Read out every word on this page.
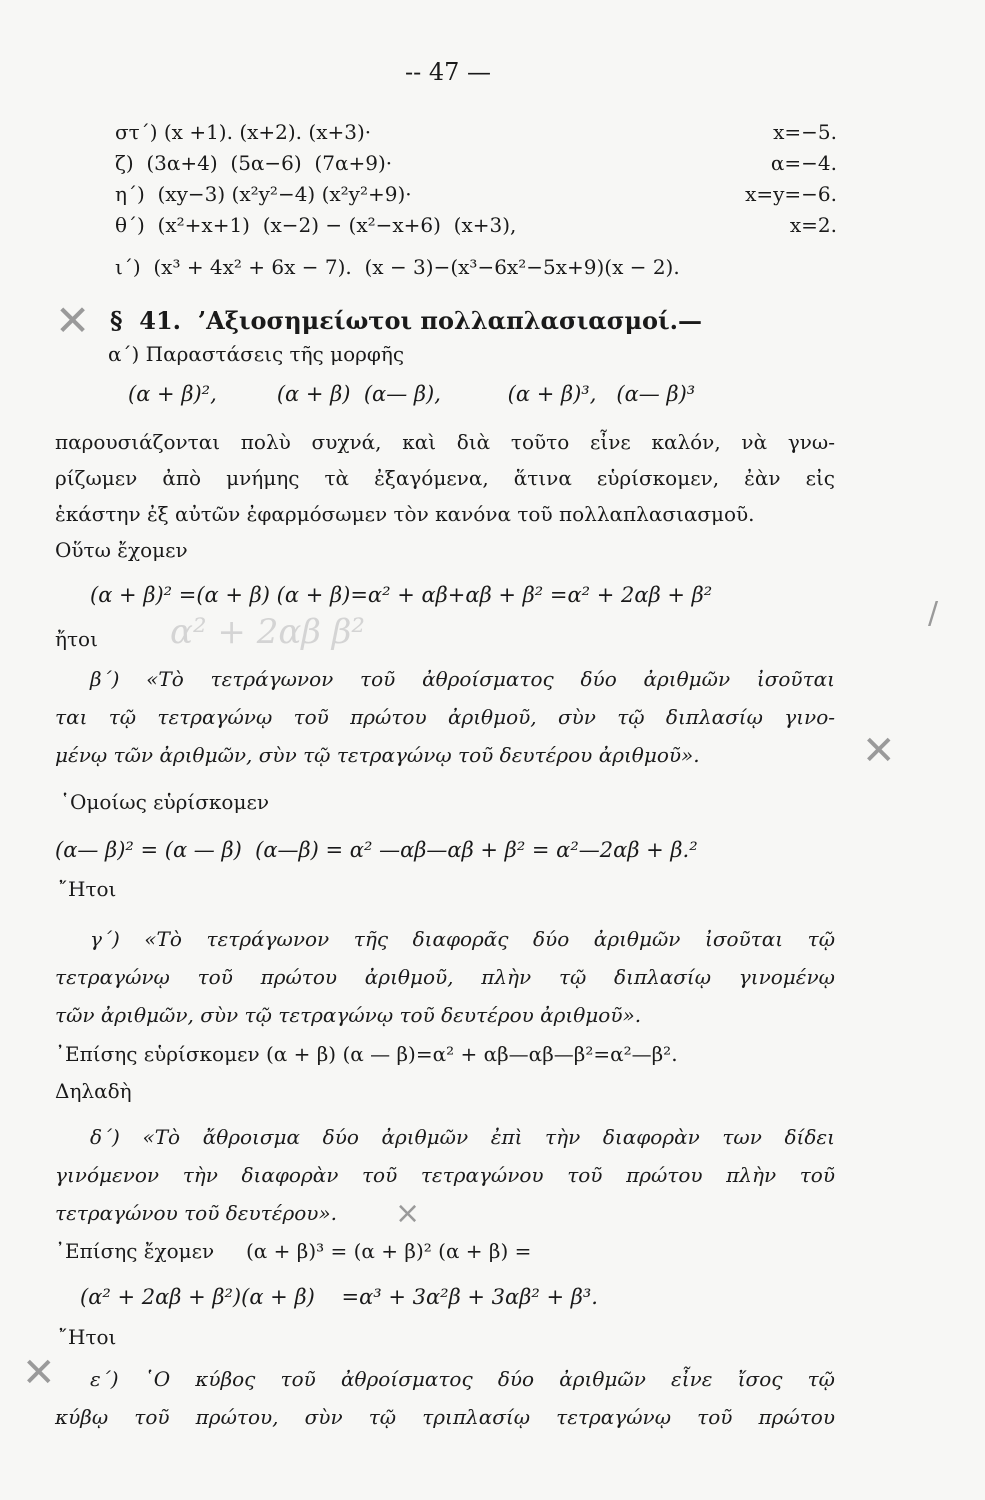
-- 47 —
στ΄) (x +1). (x+2). (x+3)·	x=−5.
ζ)  (3α+4)  (5α−6)  (7α+9)·	α=−4.
η΄)  (xy−3) (x²y²−4) (x²y²+9)·	x=y=−6.
θ΄)  (x²+x+1)  (x−2) − (x²−x+6)  (x+3),	x=2.
ι΄)  (x³ + 4x² + 6x − 7).  (x − 3)−(x³−6x²−5x+9)(x − 2).
✕ §  41.  ’Αξιοσημείωτοι πολλαπλασιασμοί.—
α΄) Παραστάσεις τῆς μορφῆς
(α + β)²,         (α + β)  (α— β),          (α + β)³,   (α— β)³
παρουσιάζονται πολὺ συχνά, καὶ διὰ τοῦτο εἶνε καλόν, νὰ γνω-
ρίζωμεν ἀπὸ μνήμης τὰ ἐξαγόμενα, ἅτινα εὑρίσκομεν, ἐὰν εἰς
ἑκάστην ἐξ αὐτῶν ἐφαρμόσωμεν τὸν κανόνα τοῦ πολλαπλασιασμοῦ.
Οὕτω ἔχομεν
α² + 2αβ β²
(α + β)² =(α + β) (α + β)=α² + αβ+αβ + β² =α² + 2αβ + β²
/
ἤτοι
β΄) «Τὸ τετράγωνον τοῦ ἀθροίσματος δύο ἀριθμῶν ἰσοῦται
ται τῷ τετραγώνῳ τοῦ πρώτου ἀριθμοῦ, σὺν τῷ διπλασίῳ γινο-
μένῳ τῶν ἀριθμῶν, σὺν τῷ τετραγώνῳ τοῦ δευτέρου ἀριθμοῦ».	✕
῾Ομοίως εὑρίσκομεν
(α— β)² = (α — β)  (α—β) = α² —αβ—αβ + β² = α²—2αβ + β.²
῎Ητοι
γ΄) «Τὸ τετράγωνον τῆς διαφορᾶς δύο ἀριθμῶν ἰσοῦται τῷ
τετραγώνῳ τοῦ πρώτου ἀριθμοῦ, πλὴν τῷ διπλασίῳ γινομένῳ
τῶν ἀριθμῶν, σὺν τῷ τετραγώνῳ τοῦ δευτέρου ἀριθμοῦ».
᾿Επίσης εὑρίσκομεν (α + β) (α — β)=α² + αβ—αβ—β²=α²—β².
Δηλαδὴ
δ΄) «Τὸ ἄθροισμα δύο ἀριθμῶν ἐπὶ τὴν διαφορὰν των δίδει
γινόμενον τὴν διαφορὰν τοῦ τετραγώνου τοῦ πρώτου πλὴν τοῦ
τετραγώνου τοῦ δευτέρου». ×
᾿Επίσης ἔχομεν     (α + β)³ = (α + β)² (α + β) =
(α² + 2αβ + β²)(α + β)    =α³ + 3α²β + 3αβ² + β³.
῎Ητοι
✕ ε΄) ῾Ο κύβος τοῦ ἀθροίσματος δύο ἀριθμῶν εἶνε ἴσος τῷ
κύβῳ τοῦ πρώτου, σὺν τῷ τριπλασίῳ τετραγώνῳ τοῦ πρώτου
